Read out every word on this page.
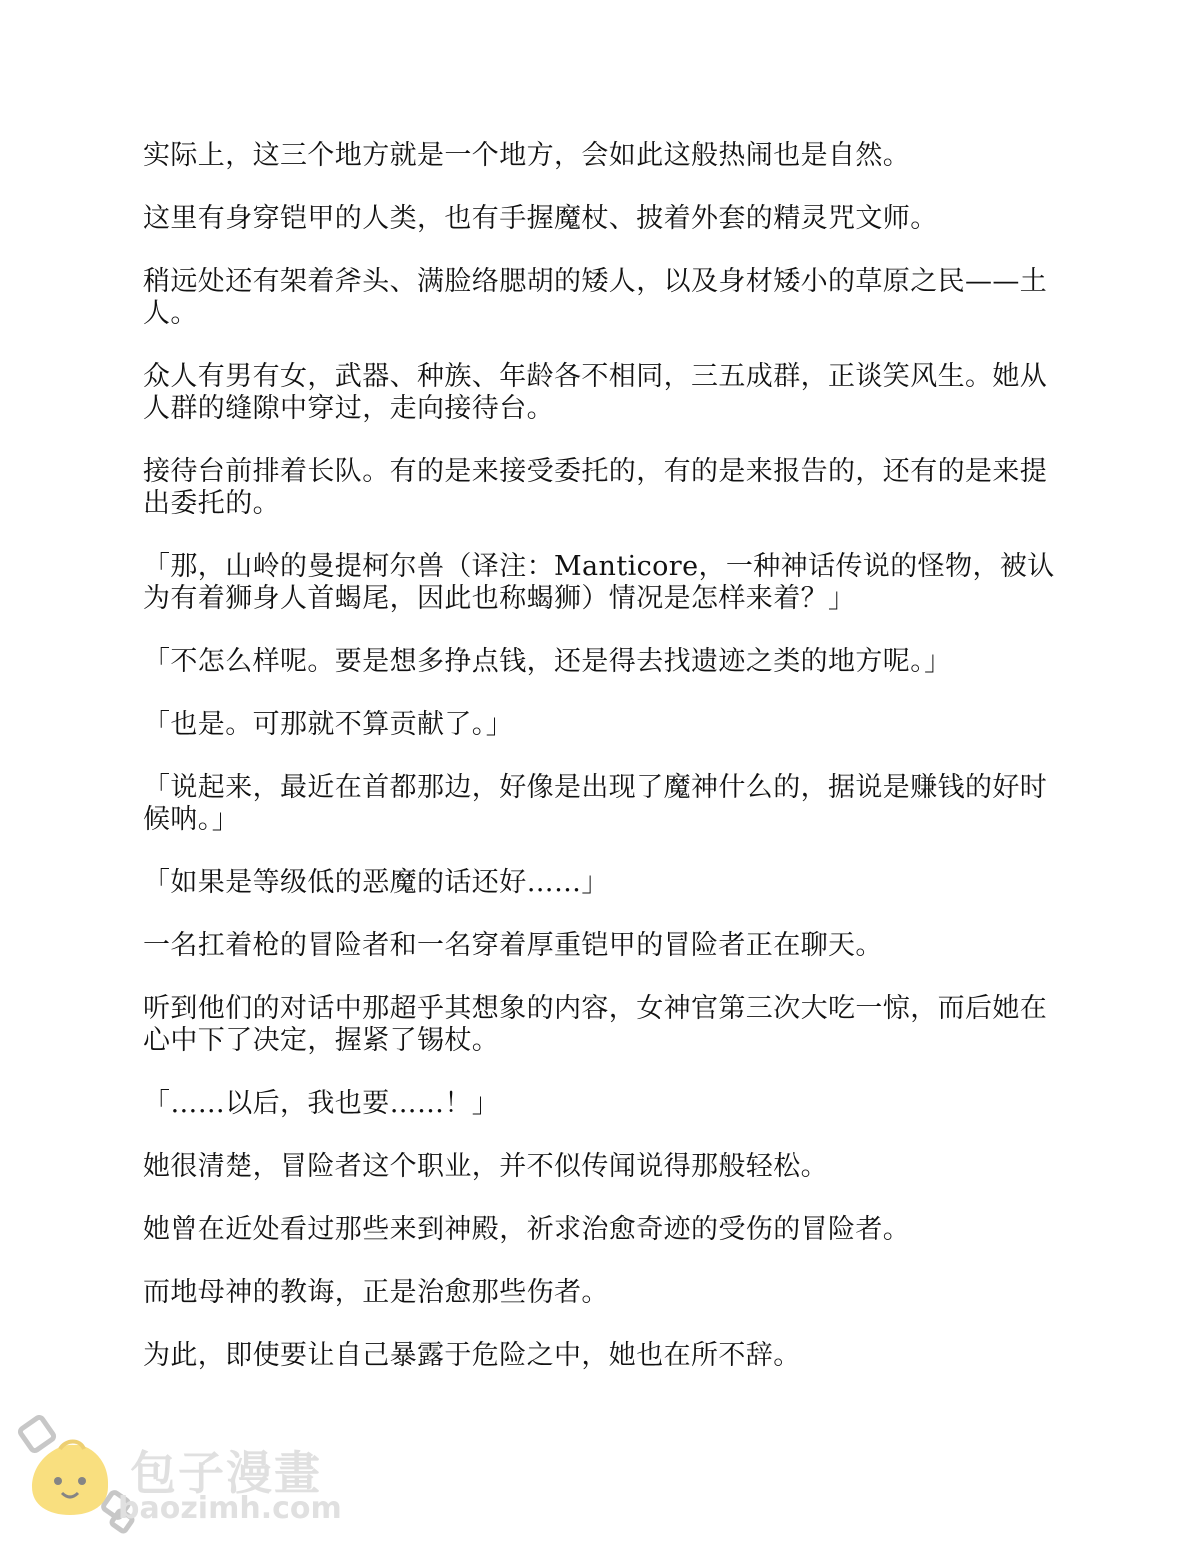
实际上，这三个地方就是一个地方，会如此这般热闹也是自然。

这里有身穿铠甲的人类，也有手握魔杖、披着外套的精灵咒文师。

稍远处还有架着斧头、满脸络腮胡的矮人，以及身材矮小的草原之民——土人。

众人有男有女，武器、种族、年龄各不相同，三五成群，正谈笑风生。她从人群的缝隙中穿过，走向接待台。

接待台前排着长队。有的是来接受委托的，有的是来报告的，还有的是来提出委托的。

「那，山岭的曼提柯尔兽（译注：Manticore，一种神话传说的怪物，被认为有着狮身人首蝎尾，因此也称蝎狮）情况是怎样来着？」

「不怎么样呢。要是想多挣点钱，还是得去找遗迹之类的地方呢。」

「也是。可那就不算贡献了。」

「说起来，最近在首都那边，好像是出现了魔神什么的，据说是赚钱的好时候呐。」

「如果是等级低的恶魔的话还好……」

一名扛着枪的冒险者和一名穿着厚重铠甲的冒险者正在聊天。

听到他们的对话中那超乎其想象的内容，女神官第三次大吃一惊，而后她在心中下了决定，握紧了锡杖。

「……以后，我也要……！」

她很清楚，冒险者这个职业，并不似传闻说得那般轻松。

她曾在近处看过那些来到神殿，祈求治愈奇迹的受伤的冒险者。

而地母神的教诲，正是治愈那些伤者。

为此，即使要让自己暴露于危险之中，她也在所不辞。

包子漫畫
baozimh.com
